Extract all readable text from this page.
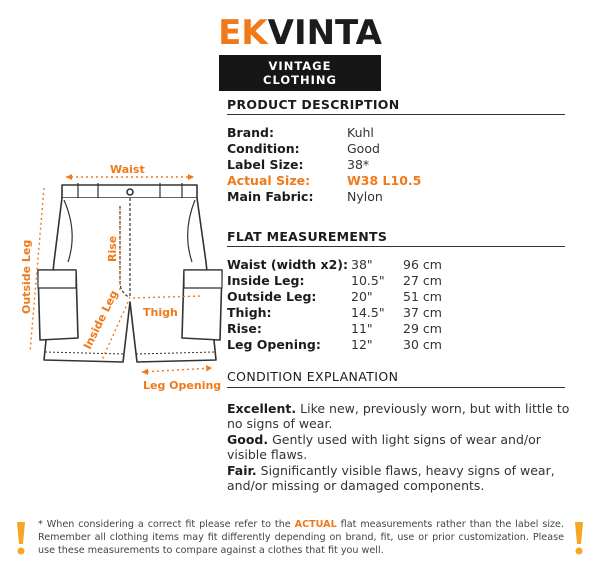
EKVINTA
VINTAGE CLOTHING
PRODUCT DESCRIPTION
Brand:	Kuhl
Condition:	Good
Label Size:	38*
Actual Size:	W38 L10.5
Main Fabric:	Nylon
FLAT MEASUREMENTS
Waist (width x2): 38"	96 cm
Inside Leg:	10.5"	27 cm
Outside Leg:	20"	51 cm
Thigh:	14.5"	37 cm
Rise:	11"	29 cm
Leg Opening:	12"	30 cm
CONDITION EXPLANATION
Excellent. Like new, previously worn, but with little to no signs of wear.
Good. Gently used with light signs of wear and/or visible flaws.
Fair. Significantly visible flaws, heavy signs of wear, and/or missing or damaged components.
Waist
Rise
Outside Leg
Inside Leg Thigh
Leg Opening
* When considering a correct fit please refer to the ACTUAL flat measurements rather than the label size. Remember all clothing items may fit differently depending on brand, fit, use or prior customization. Please use these measurements to compare against a clothes that fit you well.
